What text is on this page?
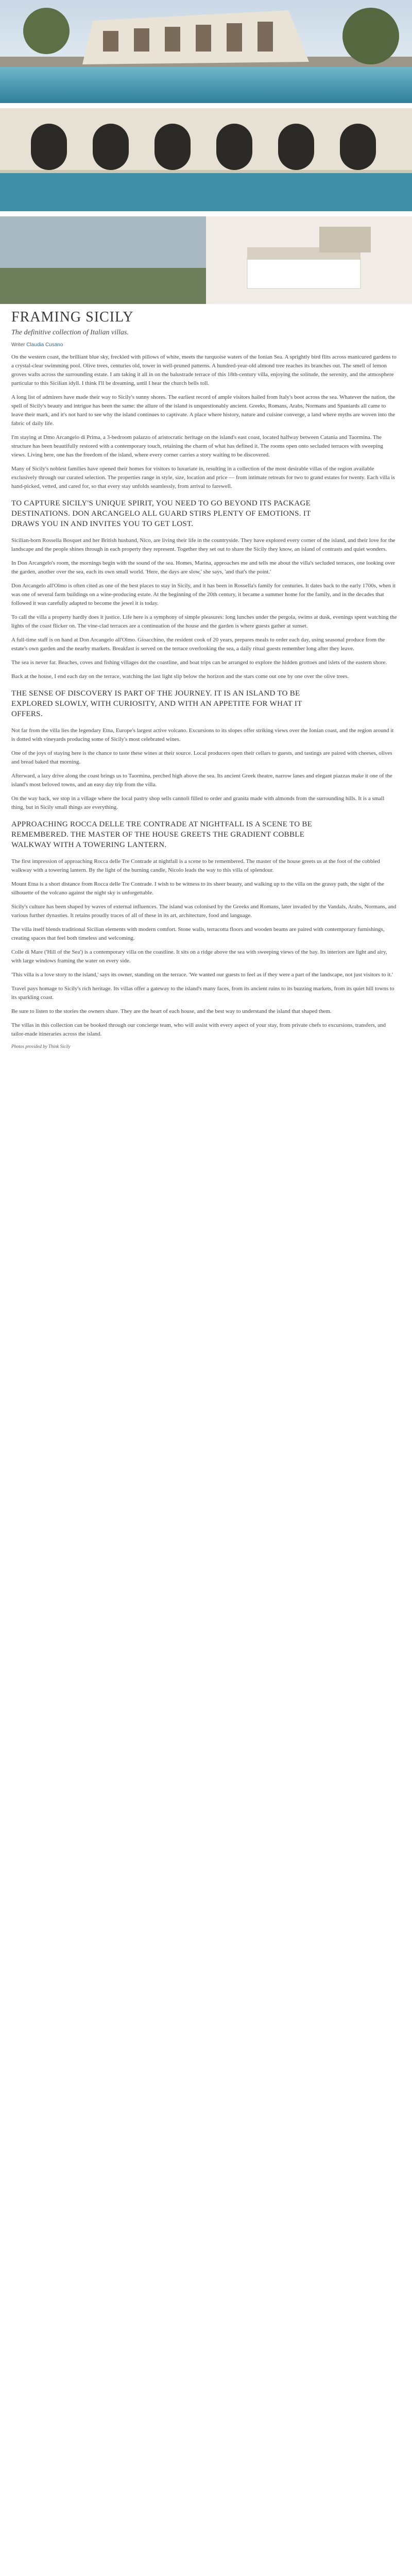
FRAMING SICILY

The definitive collection of Italian villas.

Writer Claudia Cusano

On the western coast, the brilliant blue sky, freckled with pillows of white, meets the turquoise waters of the Ionian Sea. A sprightly bird flits across manicured gardens to a crystal-clear swimming pool. Olive trees, centuries old, tower in well-pruned patterns. A hundred-year-old almond tree reaches its branches out. The smell of lemon groves wafts across the surrounding estate. I am taking it all in on the balustrade terrace of this 18th-century villa, enjoying the solitude, the serenity, and the atmosphere particular to this Sicilian idyll. I think I'll be dreaming, until I hear the church bells toll.

A long list of admirers have made their way to Sicily's sunny shores. The earliest record of ample visitors hailed from Italy's boot across the sea. Whatever the nation, the spell of Sicily's beauty and intrigue has been the same: the allure of the island is unquestionably ancient. Greeks, Romans, Arabs, Normans and Spaniards all came to leave their mark, and it's not hard to see why the island continues to captivate. A place where history, nature and cuisine converge, a land where myths are woven into the fabric of daily life.

I'm staying at Dmo Arcangelo di Prima, a 3-bedroom palazzo of aristocratic heritage on the island's east coast, located halfway between Catania and Taormina. The structure has been beautifully restored with a contemporary touch, retaining the charm of what has defined it. The rooms open onto secluded terraces with sweeping views. Living here, one has the freedom of the island, where every corner carries a story waiting to be discovered.

Many of Sicily's noblest families have opened their homes for visitors to luxuriate in, resulting in a collection of the most desirable villas of the region available exclusively through our curated selection. The properties range in style, size, location and price — from intimate retreats for two to grand estates for twenty. Each villa is hand-picked, vetted, and cared for, so that every stay unfolds seamlessly, from arrival to farewell.

TO CAPTURE SICILY'S UNIQUE SPIRIT, YOU NEED TO GO BEYOND ITS PACKAGE DESTINATIONS. DON ARCANGELO ALL GUARD STIRS PLENTY OF EMOTIONS. IT DRAWS YOU IN AND INVITES YOU TO GET LOST.

Sicilian-born Rossella Bosquet and her British husband, Nico, are living their life in the countryside. They have explored every corner of the island, and their love for the landscape and the people shines through in each property they represent. Together they set out to share the Sicily they know, an island of contrasts and quiet wonders.

In Don Arcangelo's room, the mornings begin with the sound of the sea. Homes, Marina, approaches me and tells me about the villa's secluded terraces, one looking over the garden, another over the sea, each its own small world. 'Here, the days are slow,' she says, 'and that's the point.'

Don Arcangelo all'Olmo is often cited as one of the best places to stay in Sicily, and it has been in Rossella's family for centuries. It dates back to the early 1700s, when it was one of several farm buildings on a wine-producing estate. At the beginning of the 20th century, it became a summer home for the family, and in the decades that followed it was carefully adapted to become the jewel it is today.

To call the villa a property hardly does it justice. Life here is a symphony of simple pleasures: long lunches under the pergola, swims at dusk, evenings spent watching the lights of the coast flicker on. The vine-clad terraces are a continuation of the house and the garden is where guests gather at sunset.

A full-time staff is on hand at Don Arcangelo all'Olmo. Gioacchino, the resident cook of 20 years, prepares meals to order each day, using seasonal produce from the estate's own garden and the nearby markets. Breakfast is served on the terrace overlooking the sea, a daily ritual guests remember long after they leave.

The sea is never far. Beaches, coves and fishing villages dot the coastline, and boat trips can be arranged to explore the hidden grottoes and islets of the eastern shore.

Back at the house, I end each day on the terrace, watching the last light slip below the horizon and the stars come out one by one over the olive trees.

THE SENSE OF DISCOVERY IS PART OF THE JOURNEY. IT IS AN ISLAND TO BE EXPLORED SLOWLY, WITH CURIOSITY, AND WITH AN APPETITE FOR WHAT IT OFFERS.

Not far from the villa lies the legendary Etna, Europe's largest active volcano. Excursions to its slopes offer striking views over the Ionian coast, and the region around it is dotted with vineyards producing some of Sicily's most celebrated wines.

One of the joys of staying here is the chance to taste these wines at their source. Local producers open their cellars to guests, and tastings are paired with cheeses, olives and bread baked that morning.

Afterward, a lazy drive along the coast brings us to Taormina, perched high above the sea. Its ancient Greek theatre, narrow lanes and elegant piazzas make it one of the island's most beloved towns, and an easy day trip from the villa.

On the way back, we stop in a village where the local pastry shop sells cannoli filled to order and granita made with almonds from the surrounding hills. It is a small thing, but in Sicily small things are everything.

APPROACHING ROCCA DELLE TRE CONTRADE AT NIGHTFALL IS A SCENE TO BE REMEMBERED. THE MASTER OF THE HOUSE GREETS THE GRADIENT COBBLE WALKWAY WITH A TOWERING LANTERN.

The first impression of approaching Rocca delle Tre Contrade at nightfall is a scene to be remembered. The master of the house greets us at the foot of the cobbled walkway with a towering lantern. By the light of the burning candle, Nicolo leads the way to this villa of splendour.

Mount Etna is a short distance from Rocca delle Tre Contrade. I wish to be witness to its sheer beauty, and walking up to the villa on the grassy path, the sight of the silhouette of the volcano against the night sky is unforgettable.

Sicily's culture has been shaped by waves of external influences. The island was colonised by the Greeks and Romans, later invaded by the Vandals, Arabs, Normans, and various further dynasties. It retains proudly traces of all of these in its art, architecture, food and language.

The villa itself blends traditional Sicilian elements with modern comfort. Stone walls, terracotta floors and wooden beams are paired with contemporary furnishings, creating spaces that feel both timeless and welcoming.

Colle di Mare ('Hill of the Sea') is a contemporary villa on the coastline. It sits on a ridge above the sea with sweeping views of the bay. Its interiors are light and airy, with large windows framing the water on every side.

'This villa is a love story to the island,' says its owner, standing on the terrace. 'We wanted our guests to feel as if they were a part of the landscape, not just visitors to it.'

Travel pays homage to Sicily's rich heritage. Its villas offer a gateway to the island's many faces, from its ancient ruins to its buzzing markets, from its quiet hill towns to its sparkling coast.

Be sure to listen to the stories the owners share. They are the heart of each house, and the best way to understand the island that shaped them.

The villas in this collection can be booked through our concierge team, who will assist with every aspect of your stay, from private chefs to excursions, transfers, and tailor-made itineraries across the island.

Photos provided by Think Sicily
